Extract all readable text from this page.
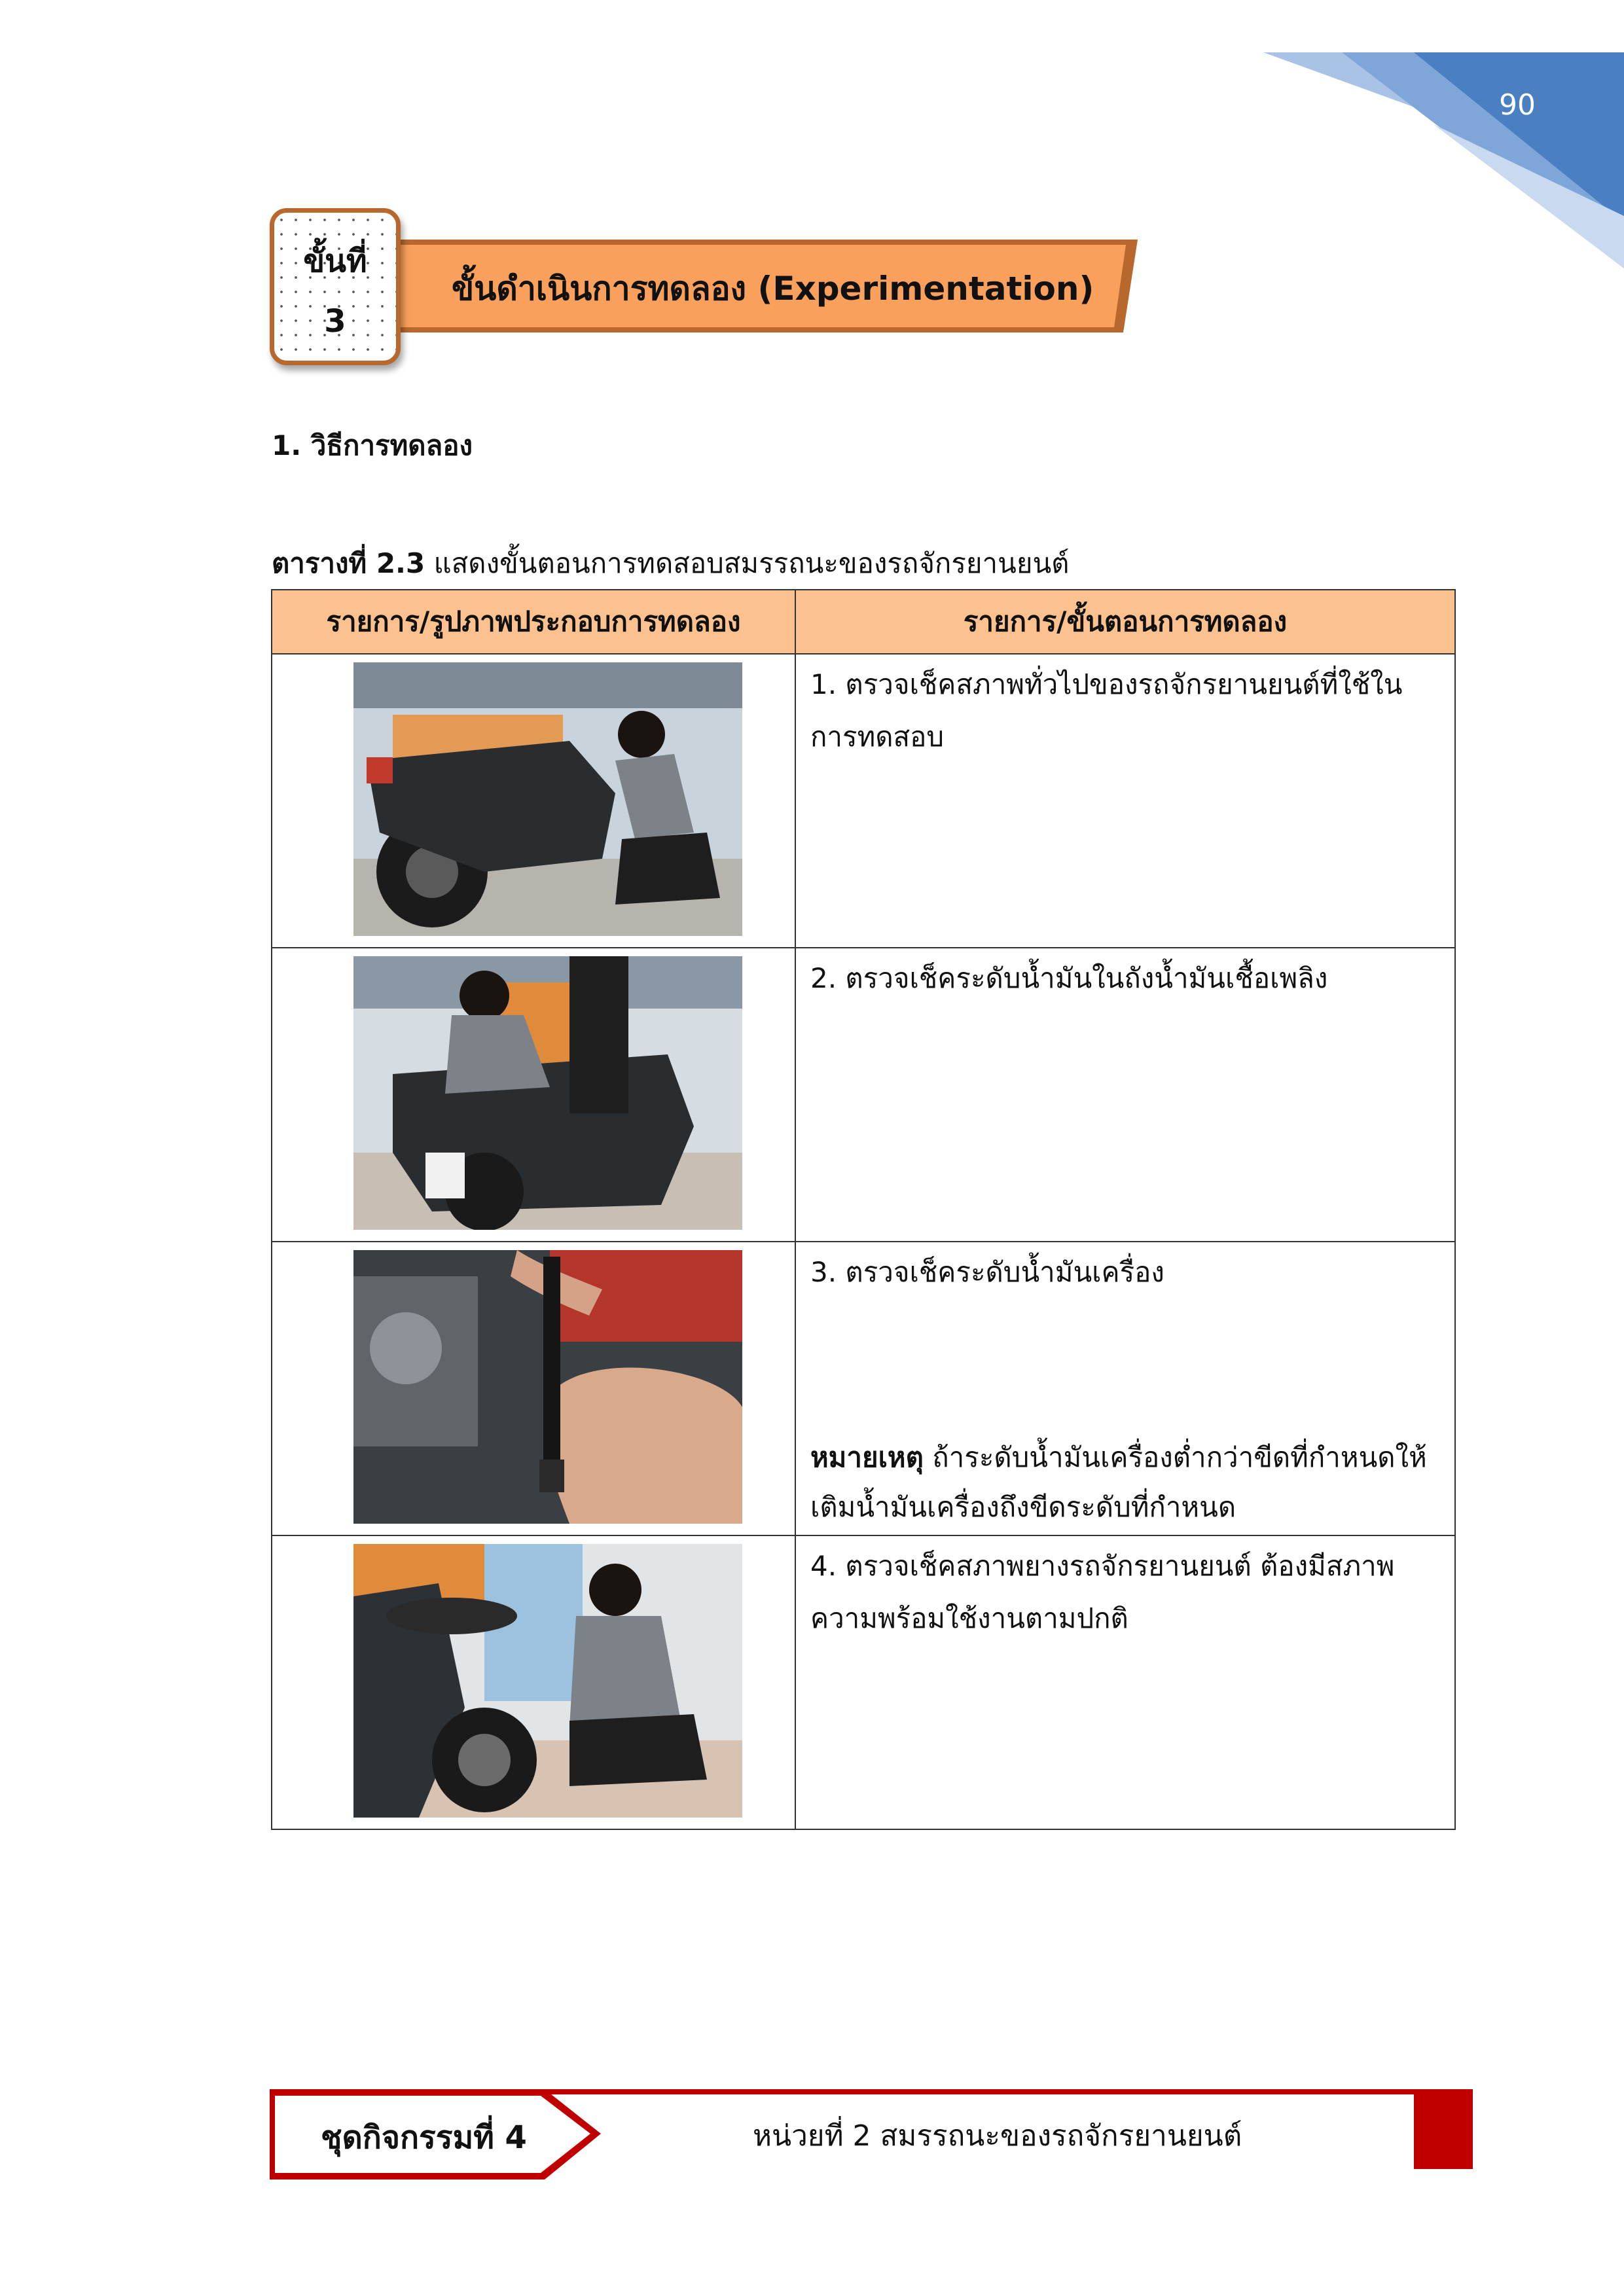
90
ขั้นที่
3
ขั้นดำเนินการทดลอง (Experimentation)
1. วิธีการทดลอง
ตารางที่ 2.3 แสดงขั้นตอนการทดสอบสมรรถนะของรถจักรยานยนต์
รายการ/รูปภาพประกอบการทดลอง	รายการ/ขั้นตอนการทดลอง

1. ตรวจเช็คสภาพทั่วไปของรถจักรยานยนต์ที่ใช้ในการทดสอบ

2. ตรวจเช็คระดับน้ำมันในถังน้ำมันเชื้อเพลิง

3. ตรวจเช็คระดับน้ำมันเครื่อง
หมายเหตุ ถ้าระดับน้ำมันเครื่องต่ำกว่าขีดที่กำหนดให้เติมน้ำมันเครื่องถึงขีดระดับที่กำหนด

4. ตรวจเช็คสภาพยางรถจักรยานยนต์ ต้องมีสภาพความพร้อมใช้งานตามปกติ
ชุดกิจกรรมที่ 4	หน่วยที่ 2 สมรรถนะของรถจักรยานยนต์
